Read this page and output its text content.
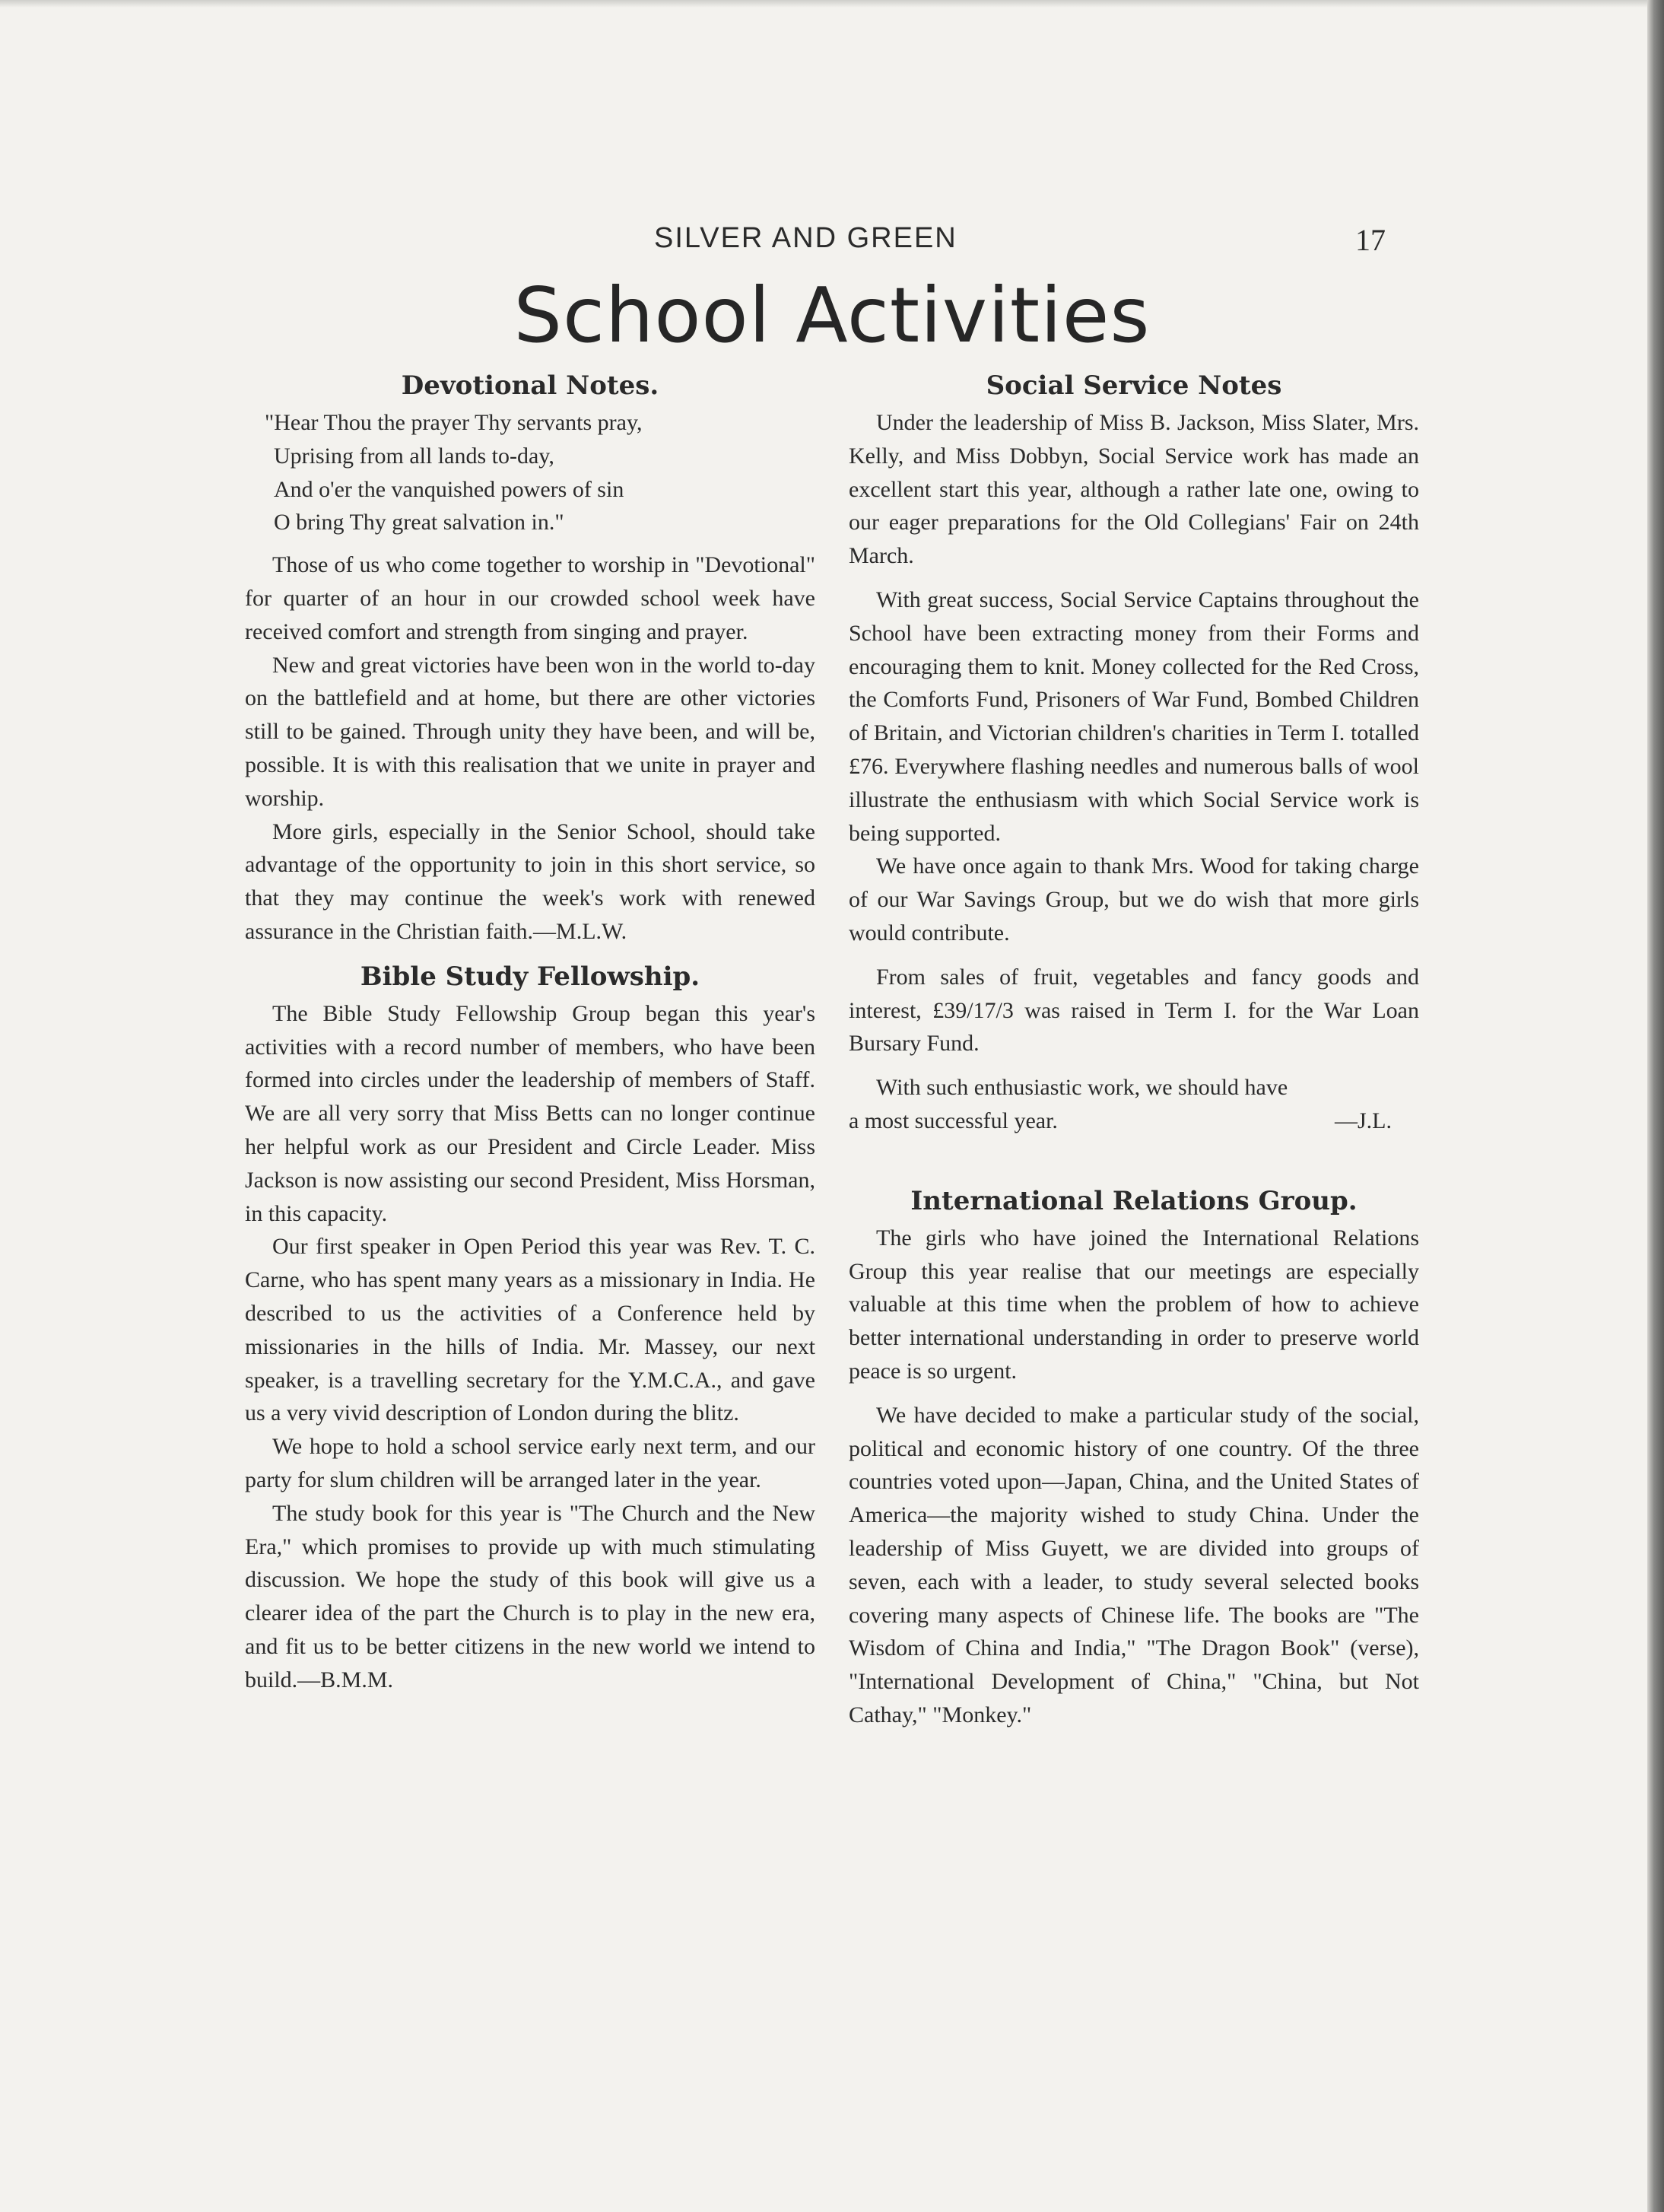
SILVER AND GREEN	17
School Activities
Devotional Notes.
"Hear Thou the prayer Thy servants pray,
Uprising from all lands to-day,
And o'er the vanquished powers of sin
O bring Thy great salvation in."

Those of us who come together to worship in "Devotional" for quarter of an hour in our crowded school week have received comfort and strength from singing and prayer.

New and great victories have been won in the world to-day on the battlefield and at home, but there are other victories still to be gained. Through unity they have been, and will be, possible. It is with this realisation that we unite in prayer and worship.

More girls, especially in the Senior School, should take advantage of the opportunity to join in this short service, so that they may continue the week's work with renewed assurance in the Christian faith.—M.L.W.

Bible Study Fellowship.

The Bible Study Fellowship Group began this year's activities with a record number of members, who have been formed into circles under the leadership of members of Staff. We are all very sorry that Miss Betts can no longer continue her helpful work as our President and Circle Leader. Miss Jackson is now assisting our second President, Miss Horsman, in this capacity.

Our first speaker in Open Period this year was Rev. T. C. Carne, who has spent many years as a missionary in India. He described to us the activities of a Conference held by missionaries in the hills of India. Mr. Massey, our next speaker, is a travelling secretary for the Y.M.C.A., and gave us a very vivid description of London during the blitz.

We hope to hold a school service early next term, and our party for slum children will be arranged later in the year.

The study book for this year is "The Church and the New Era," which promises to provide up with much stimulating discussion. We hope the study of this book will give us a clearer idea of the part the Church is to play in the new era, and fit us to be better citizens in the new world we intend to build.—B.M.M.

Social Service Notes

Under the leadership of Miss B. Jackson, Miss Slater, Mrs. Kelly, and Miss Dobbyn, Social Service work has made an excellent start this year, although a rather late one, owing to our eager preparations for the Old Collegians' Fair on 24th March.

With great success, Social Service Captains throughout the School have been extracting money from their Forms and encouraging them to knit. Money collected for the Red Cross, the Comforts Fund, Prisoners of War Fund, Bombed Children of Britain, and Victorian children's charities in Term I. totalled £76. Everywhere flashing needles and numerous balls of wool illustrate the enthusiasm with which Social Service work is being supported.

We have once again to thank Mrs. Wood for taking charge of our War Savings Group, but we do wish that more girls would contribute.

From sales of fruit, vegetables and fancy goods and interest, £39/17/3 was raised in Term I. for the War Loan Bursary Fund.

With such enthusiastic work, we should have

a most successful year.	—J.L.
International Relations Group.

The girls who have joined the International Relations Group this year realise that our meetings are especially valuable at this time when the problem of how to achieve better international understanding in order to preserve world peace is so urgent.

We have decided to make a particular study of the social, political and economic history of one country. Of the three countries voted upon—Japan, China, and the United States of America—the majority wished to study China. Under the leadership of Miss Guyett, we are divided into groups of seven, each with a leader, to study several selected books covering many aspects of Chinese life. The books are "The Wisdom of China and India," "The Dragon Book" (verse), "International Development of China," "China, but Not Cathay," "Monkey."
